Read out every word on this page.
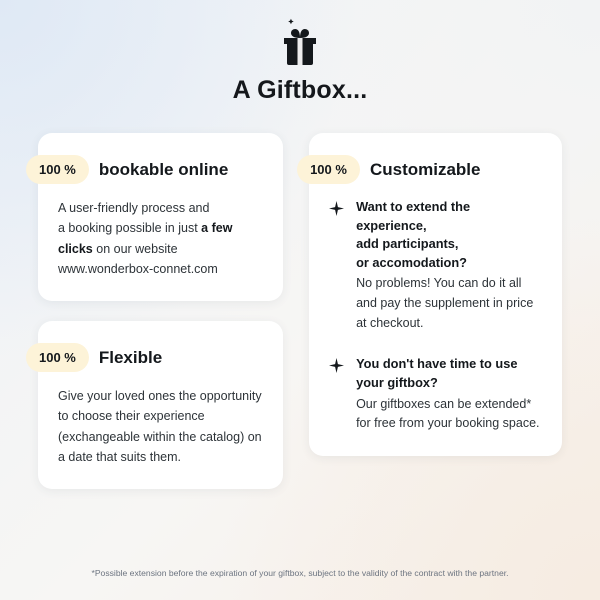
A Giftbox...
100 %	bookable online
A user-friendly process and
a booking possible in just a few
clicks on our website
www.wonderbox-connet.com
100 %	Flexible
Give your loved ones the opportunity to choose their experience (exchangeable within the catalog) on a date that suits them.
100 %	Customizable
Want to extend the
experience,
add participants,
or accomodation?
No problems! You can do it all and pay the supplement in price at checkout.
You don't have time to use
your giftbox?
Our giftboxes can be extended* for free from your booking space.
*Possible extension before the expiration of your giftbox, subject to the validity of the contract with the partner.
